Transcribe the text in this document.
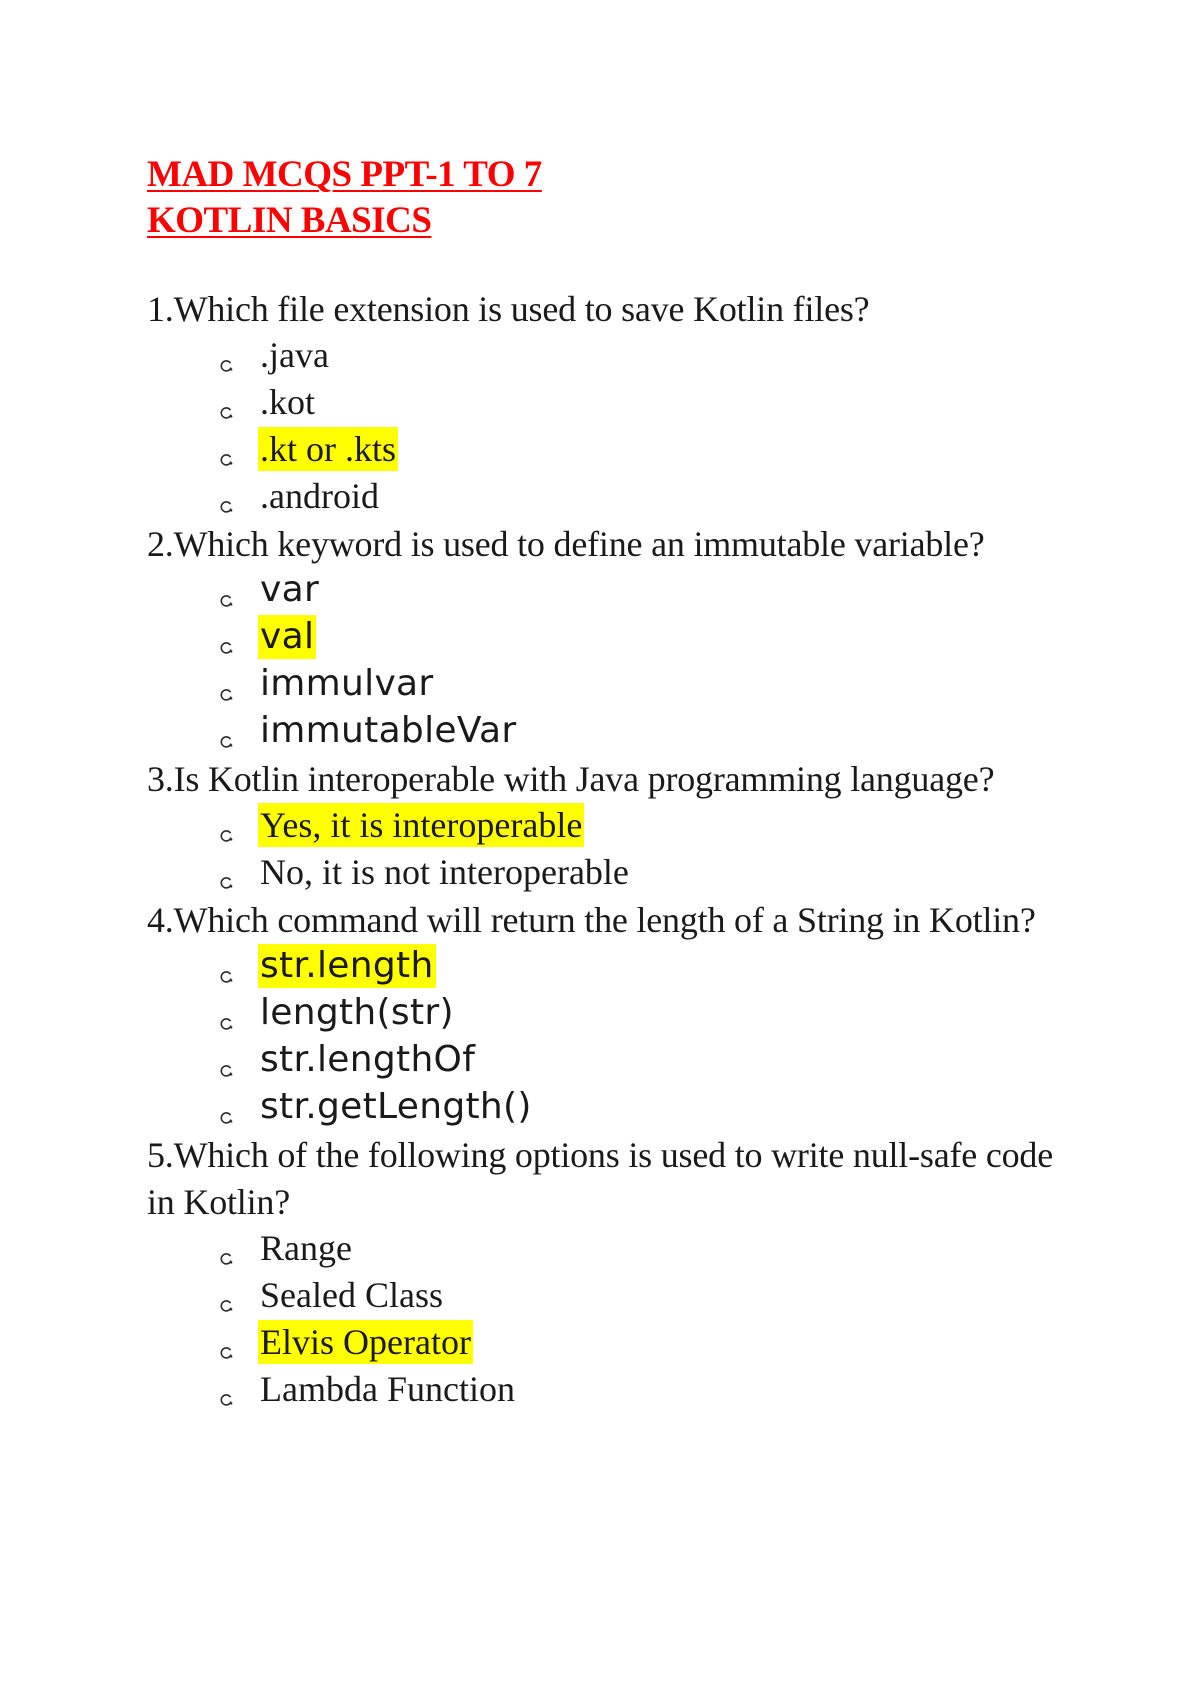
MAD MCQS PPT-1 TO 7
KOTLIN BASICS

1.Which file extension is used to save Kotlin files?

.java
.kot
.kt or .kts
.android

2.Which keyword is used to define an immutable variable?

var
val
immulvar
immutableVar

3.Is Kotlin interoperable with Java programming language?

Yes, it is interoperable
No, it is not interoperable

4.Which command will return the length of a String in Kotlin?

str.length
length(str)
str.lengthOf
str.getLength()

5.Which of the following options is used to write null-safe code in Kotlin?

Range
Sealed Class
Elvis Operator
Lambda Function
